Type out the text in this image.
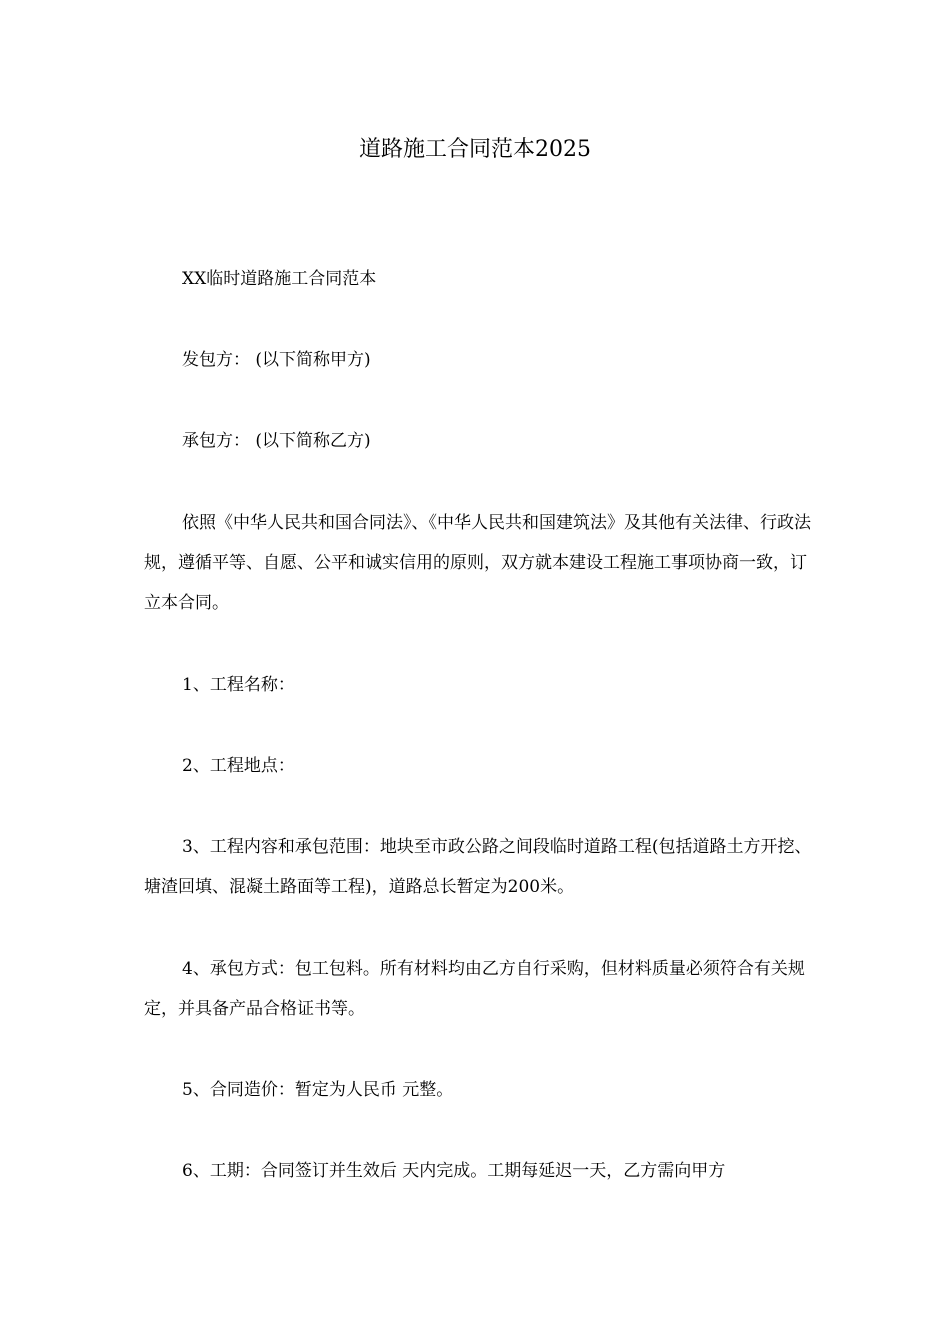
道路施工合同范本2025
XX临时道路施工合同范本
发包方： (以下简称甲方)
承包方： (以下简称乙方)
依照《中华人民共和国合同法》、《中华人民共和国建筑法》及其他有关法律、行政法规，遵循平等、自愿、公平和诚实信用的原则，双方就本建设工程施工事项协商一致，订立本合同。
1、工程名称：
2、工程地点：
3、工程内容和承包范围：地块至市政公路之间段临时道路工程(包括道路土方开挖、塘渣回填、混凝土路面等工程)，道路总长暂定为200米。
4、承包方式：包工包料。所有材料均由乙方自行采购，但材料质量必须符合有关规定，并具备产品合格证书等。
5、合同造价：暂定为人民币 元整。
6、工期：合同签订并生效后 天内完成。工期每延迟一天，乙方需向甲方
